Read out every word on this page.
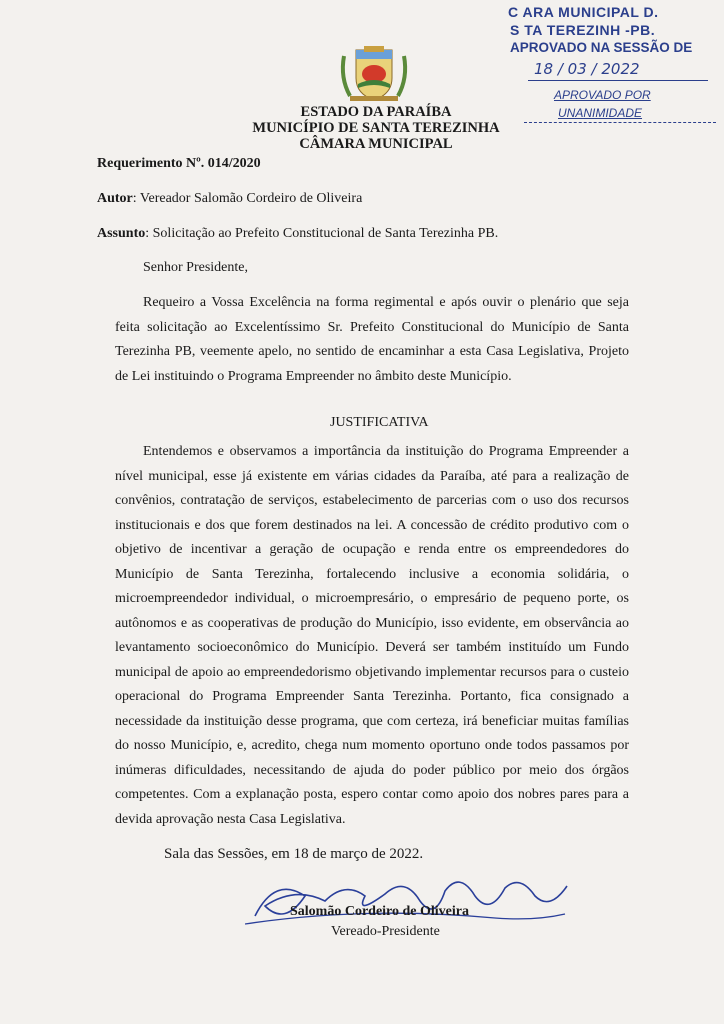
ESTADO DA PARAÍBA
MUNICÍPIO DE SANTA TEREZINHA
CÂMARA MUNICIPAL
C ARA MUNICIPAL D.
S TA TEREZINH -PB.
APROVADO NA SESSÃO DE
18 / 03 / 2022
APROVADO POR
UNANIMIDADE
Requerimento Nº. 014/2020
Autor: Vereador Salomão Cordeiro de Oliveira
Assunto: Solicitação ao Prefeito Constitucional de Santa Terezinha PB.
Senhor Presidente,
Requeiro a Vossa Excelência na forma regimental e após ouvir o plenário que seja feita solicitação ao Excelentíssimo Sr. Prefeito Constitucional do Município de Santa Terezinha PB, veemente apelo, no sentido de encaminhar a esta Casa Legislativa, Projeto de Lei instituindo o Programa Empreender no âmbito deste Município.
JUSTIFICATIVA
Entendemos e observamos a importância da instituição do Programa Empreender a nível municipal, esse já existente em várias cidades da Paraíba, até para a realização de convênios, contratação de serviços, estabelecimento de parcerias com o uso dos recursos institucionais e dos que forem destinados na lei. A concessão de crédito produtivo com o objetivo de incentivar a geração de ocupação e renda entre os empreendedores do Município de Santa Terezinha, fortalecendo inclusive a economia solidária, o microempreendedor individual, o microempresário, o empresário de pequeno porte, os autônomos e as cooperativas de produção do Município, isso evidente, em observância ao levantamento socioeconômico do Município. Deverá ser também instituído um Fundo municipal de apoio ao empreendedorismo objetivando implementar recursos para o custeio operacional do Programa Empreender Santa Terezinha. Portanto, fica consignado a necessidade da instituição desse programa, que com certeza, irá beneficiar muitas famílias do nosso Município, e, acredito, chega num momento oportuno onde todos passamos por inúmeras dificuldades, necessitando de ajuda do poder público por meio dos órgãos competentes. Com a explanação posta, espero contar como apoio dos nobres pares para a devida aprovação nesta Casa Legislativa.
Sala das Sessões, em 18 de março de 2022.
Salomão Cordeiro de Oliveira
Vereado-Presidente
